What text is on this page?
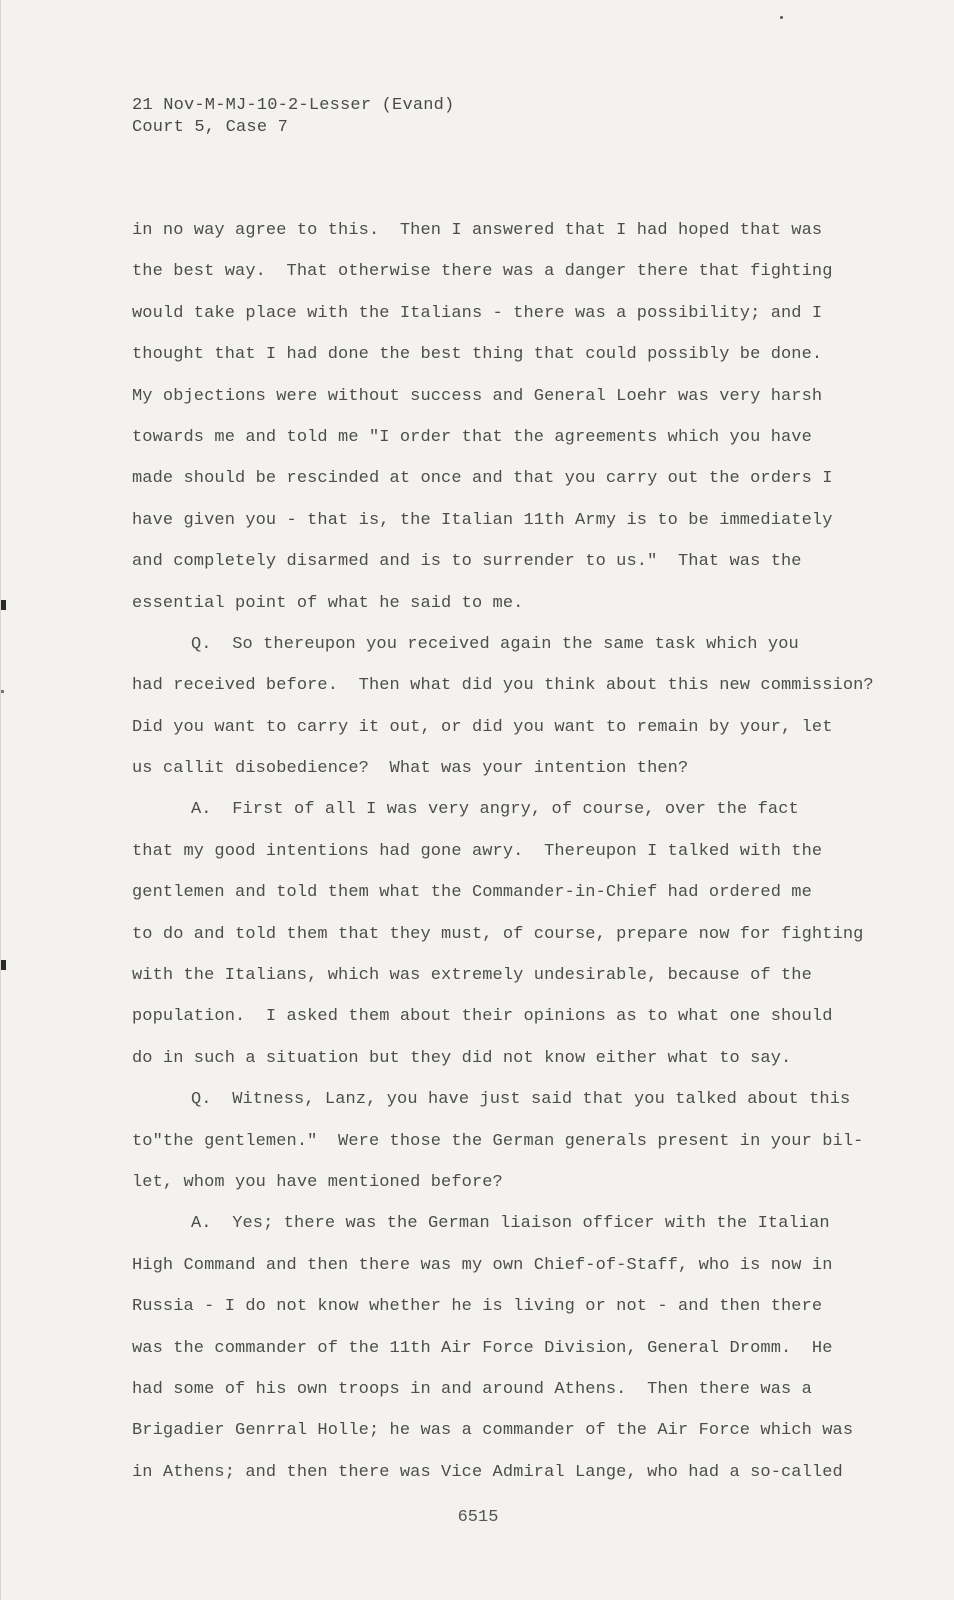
21 Nov-M-MJ-10-2-Lesser (Evand)
Court 5, Case 7
in no way agree to this.  Then I answered that I had hoped that was
the best way.  That otherwise there was a danger there that fighting
would take place with the Italians - there was a possibility; and I
thought that I had done the best thing that could possibly be done.
My objections were without success and General Loehr was very harsh
towards me and told me "I order that the agreements which you have
made should be rescinded at once and that you carry out the orders I
have given you - that is, the Italian 11th Army is to be immediately
and completely disarmed and is to surrender to us."  That was the
essential point of what he said to me.
Q.  So thereupon you received again the same task which you
had received before.  Then what did you think about this new commission?
Did you want to carry it out, or did you want to remain by your, let
us callit disobedience?  What was your intention then?
A.  First of all I was very angry, of course, over the fact
that my good intentions had gone awry.  Thereupon I talked with the
gentlemen and told them what the Commander-in-Chief had ordered me
to do and told them that they must, of course, prepare now for fighting
with the Italians, which was extremely undesirable, because of the
population.  I asked them about their opinions as to what one should
do in such a situation but they did not know either what to say.
Q.  Witness, Lanz, you have just said that you talked about this
to"the gentlemen."  Were those the German generals present in your bil-
let, whom you have mentioned before?
A.  Yes; there was the German liaison officer with the Italian
High Command and then there was my own Chief-of-Staff, who is now in
Russia - I do not know whether he is living or not - and then there
was the commander of the 11th Air Force Division, General Dromm.  He
had some of his own troops in and around Athens.  Then there was a
Brigadier Genrral Holle; he was a commander of the Air Force which was
in Athens; and then there was Vice Admiral Lange, who had a so-called
6515
